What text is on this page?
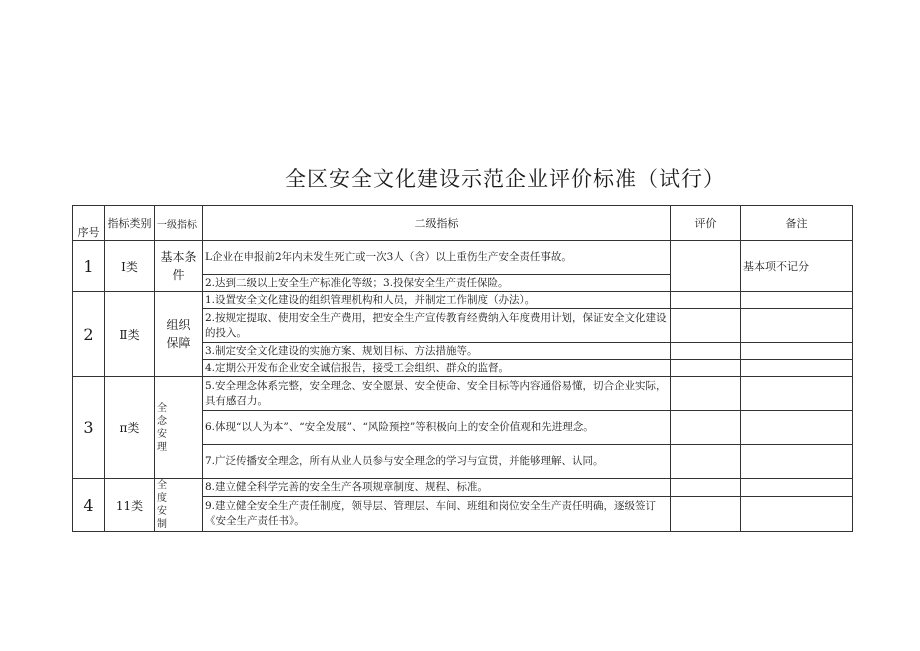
全区安全文化建设示范企业评价标准（试行）
序号	指标类别	一级指标	二级指标	评价	备注
1	Ⅰ类	基本条件	L企业在申报前2年内未发生死亡或一次3人（含）以上重伤生产安全责任事故。		基本项不记分
			2.达到二级以上安全生产标准化等级；3.投保安全生产责任保险。		
2	Ⅱ类	组织保障	1.设置安全文化建设的组织管理机构和人员，并制定工作制度（办法）。		
			2.按规定提取、使用安全生产费用，把安全生产宣传教育经费纳入年度费用计划，保证安全文化建设的投入。		
			3.制定安全文化建设的实施方案、规划目标、方法措施等。		
			4.定期公开发布企业安全诚信报告，接受工会组织、群众的监督。		
3	π类	全念安理	5.安全理念体系完整，安全理念、安全愿景、安全使命、安全目标等内容通俗易懂，切合企业实际，具有感召力。		
			6.体现“以人为本”、“安全发展”、“风险预控”等积极向上的安全价值观和先进理念。		
			7.广泛传播安全理念，所有从业人员参与安全理念的学习与宣贯，并能够理解、认同。		
4	11类	全度安制	8.建立健全科学完善的安全生产各项规章制度、规程、标准。		
			9.建立健全安全生产责任制度，领导层、管理层、车间、班组和岗位安全生产责任明确，逐级签订《安全生产责任书》。		
